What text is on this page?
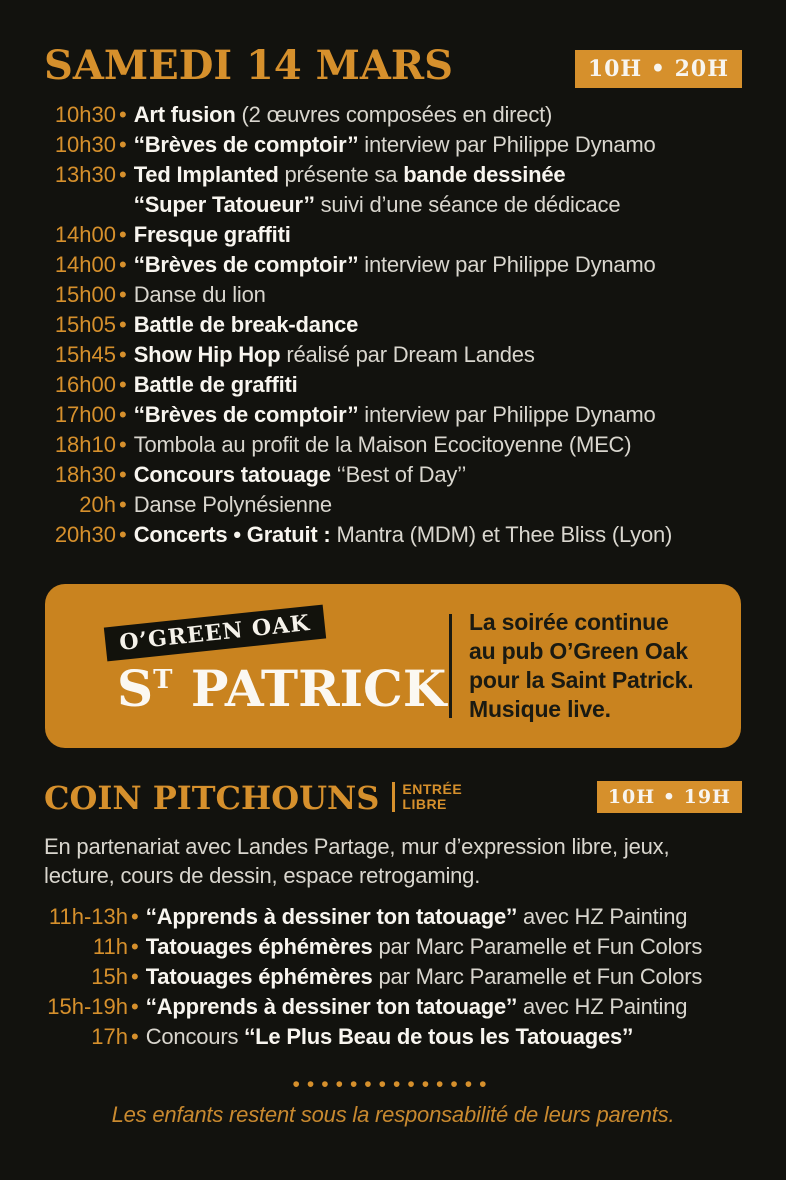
SAMEDI 14 MARS	10H • 20H
10h30 • Art fusion (2 œuvres composées en direct)
10h30 • ‘‘Brèves de comptoir’’ interview par Philippe Dynamo
13h30 • Ted Implanted présente sa bande dessinée
‘‘Super Tatoueur’’ suivi d’une séance de dédicace
14h00 • Fresque graffiti
14h00 • ‘‘Brèves de comptoir’’ interview par Philippe Dynamo
15h00 • Danse du lion
15h05 • Battle de break-dance
15h45 • Show Hip Hop réalisé par Dream Landes
16h00 • Battle de graffiti
17h00 • ‘‘Brèves de comptoir’’ interview par Philippe Dynamo
18h10 • Tombola au profit de la Maison Ecocitoyenne (MEC)
18h30 • Concours tatouage ‘‘Best of Day’’
20h • Danse Polynésienne
20h30 • Concerts • Gratuit : Mantra (MDM) et Thee Bliss (Lyon)
O’GREEN OAK
$S^T$ PATRICK
La soirée continue
au pub O’Green Oak
pour la Saint Patrick.
Musique live.
COIN PITCHOUNS ENTRÉE
LIBRE	10H • 19H
En partenariat avec Landes Partage, mur d’expression libre, jeux,
lecture, cours de dessin, espace retrogaming.
11h-13h • ‘‘Apprends à dessiner ton tatouage’’ avec HZ Painting
11h • Tatouages éphémères par Marc Paramelle et Fun Colors
15h • Tatouages éphémères par Marc Paramelle et Fun Colors
15h-19h • ‘‘Apprends à dessiner ton tatouage’’ avec HZ Painting
17h • Concours ‘‘Le Plus Beau de tous les Tatouages’’
••••••••••••••
Les enfants restent sous la responsabilité de leurs parents.
